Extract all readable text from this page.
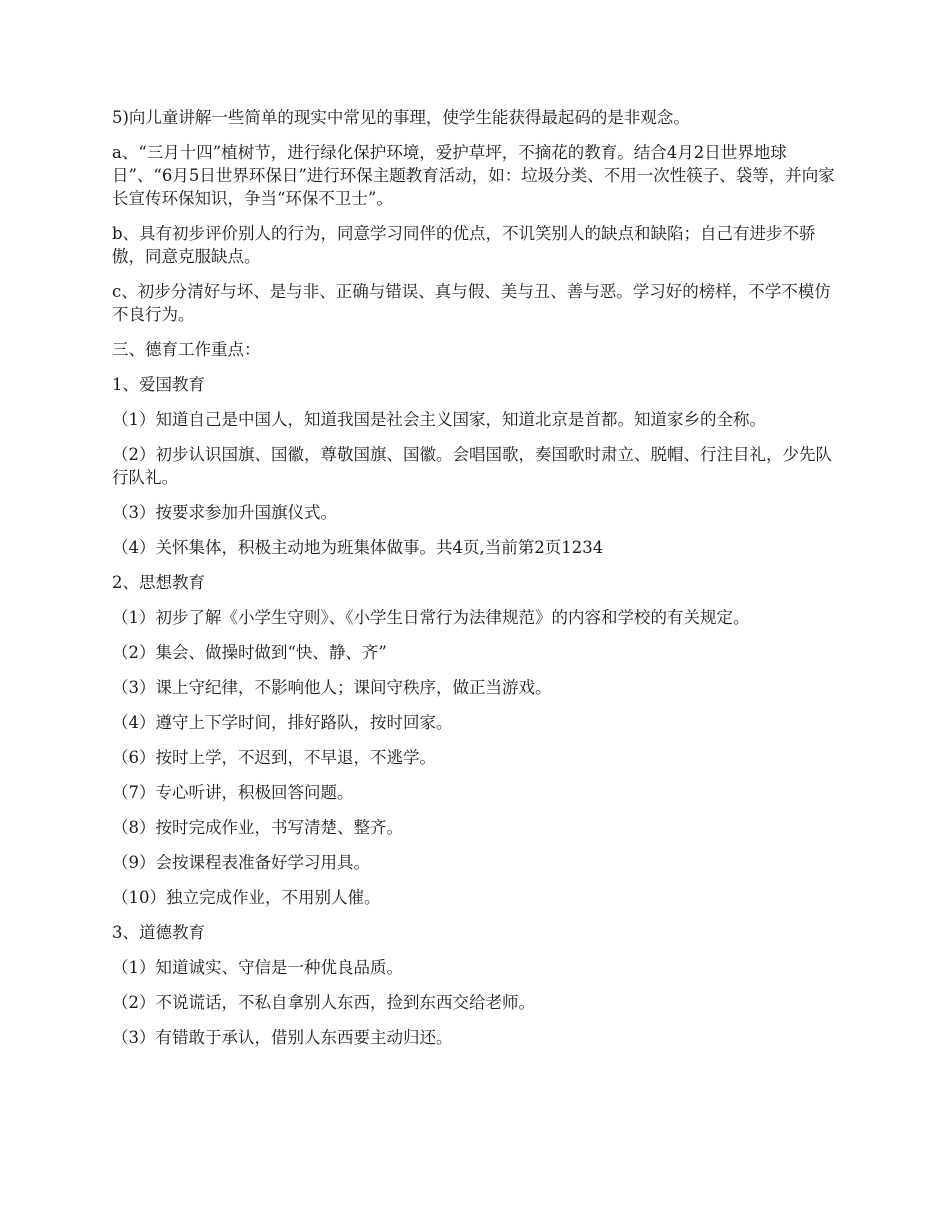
5)向儿童讲解一些简单的现实中常见的事理，使学生能获得最起码的是非观念。

a、“三月十四”植树节，进行绿化保护环境，爱护草坪，不摘花的教育。结合4月2日世界地球日”、“6月5日世界环保日”进行环保主题教育活动，如：垃圾分类、不用一次性筷子、袋等，并向家长宣传环保知识，争当“环保不卫士”。

b、具有初步评价别人的行为，同意学习同伴的优点，不讥笑别人的缺点和缺陷；自己有进步不骄傲，同意克服缺点。

c、初步分清好与坏、是与非、正确与错误、真与假、美与丑、善与恶。学习好的榜样，不学不模仿不良行为。

三、德育工作重点：

1、爱国教育

（1）知道自己是中国人，知道我国是社会主义国家，知道北京是首都。知道家乡的全称。

（2）初步认识国旗、国徽，尊敬国旗、国徽。会唱国歌，奏国歌时肃立、脱帽、行注目礼，少先队行队礼。

（3）按要求参加升国旗仪式。

（4）关怀集体，积极主动地为班集体做事。共4页,当前第2页1234

2、思想教育

（1）初步了解《小学生守则》、《小学生日常行为法律规范》的内容和学校的有关规定。

（2）集会、做操时做到“快、静、齐”

（3）课上守纪律，不影响他人；课间守秩序，做正当游戏。

（4）遵守上下学时间，排好路队，按时回家。

（6）按时上学，不迟到，不早退，不逃学。

（7）专心听讲，积极回答问题。

（8）按时完成作业，书写清楚、整齐。

（9）会按课程表准备好学习用具。

（10）独立完成作业，不用别人催。

3、道德教育

（1）知道诚实、守信是一种优良品质。

（2）不说谎话，不私自拿别人东西，捡到东西交给老师。

（3）有错敢于承认，借别人东西要主动归还。
